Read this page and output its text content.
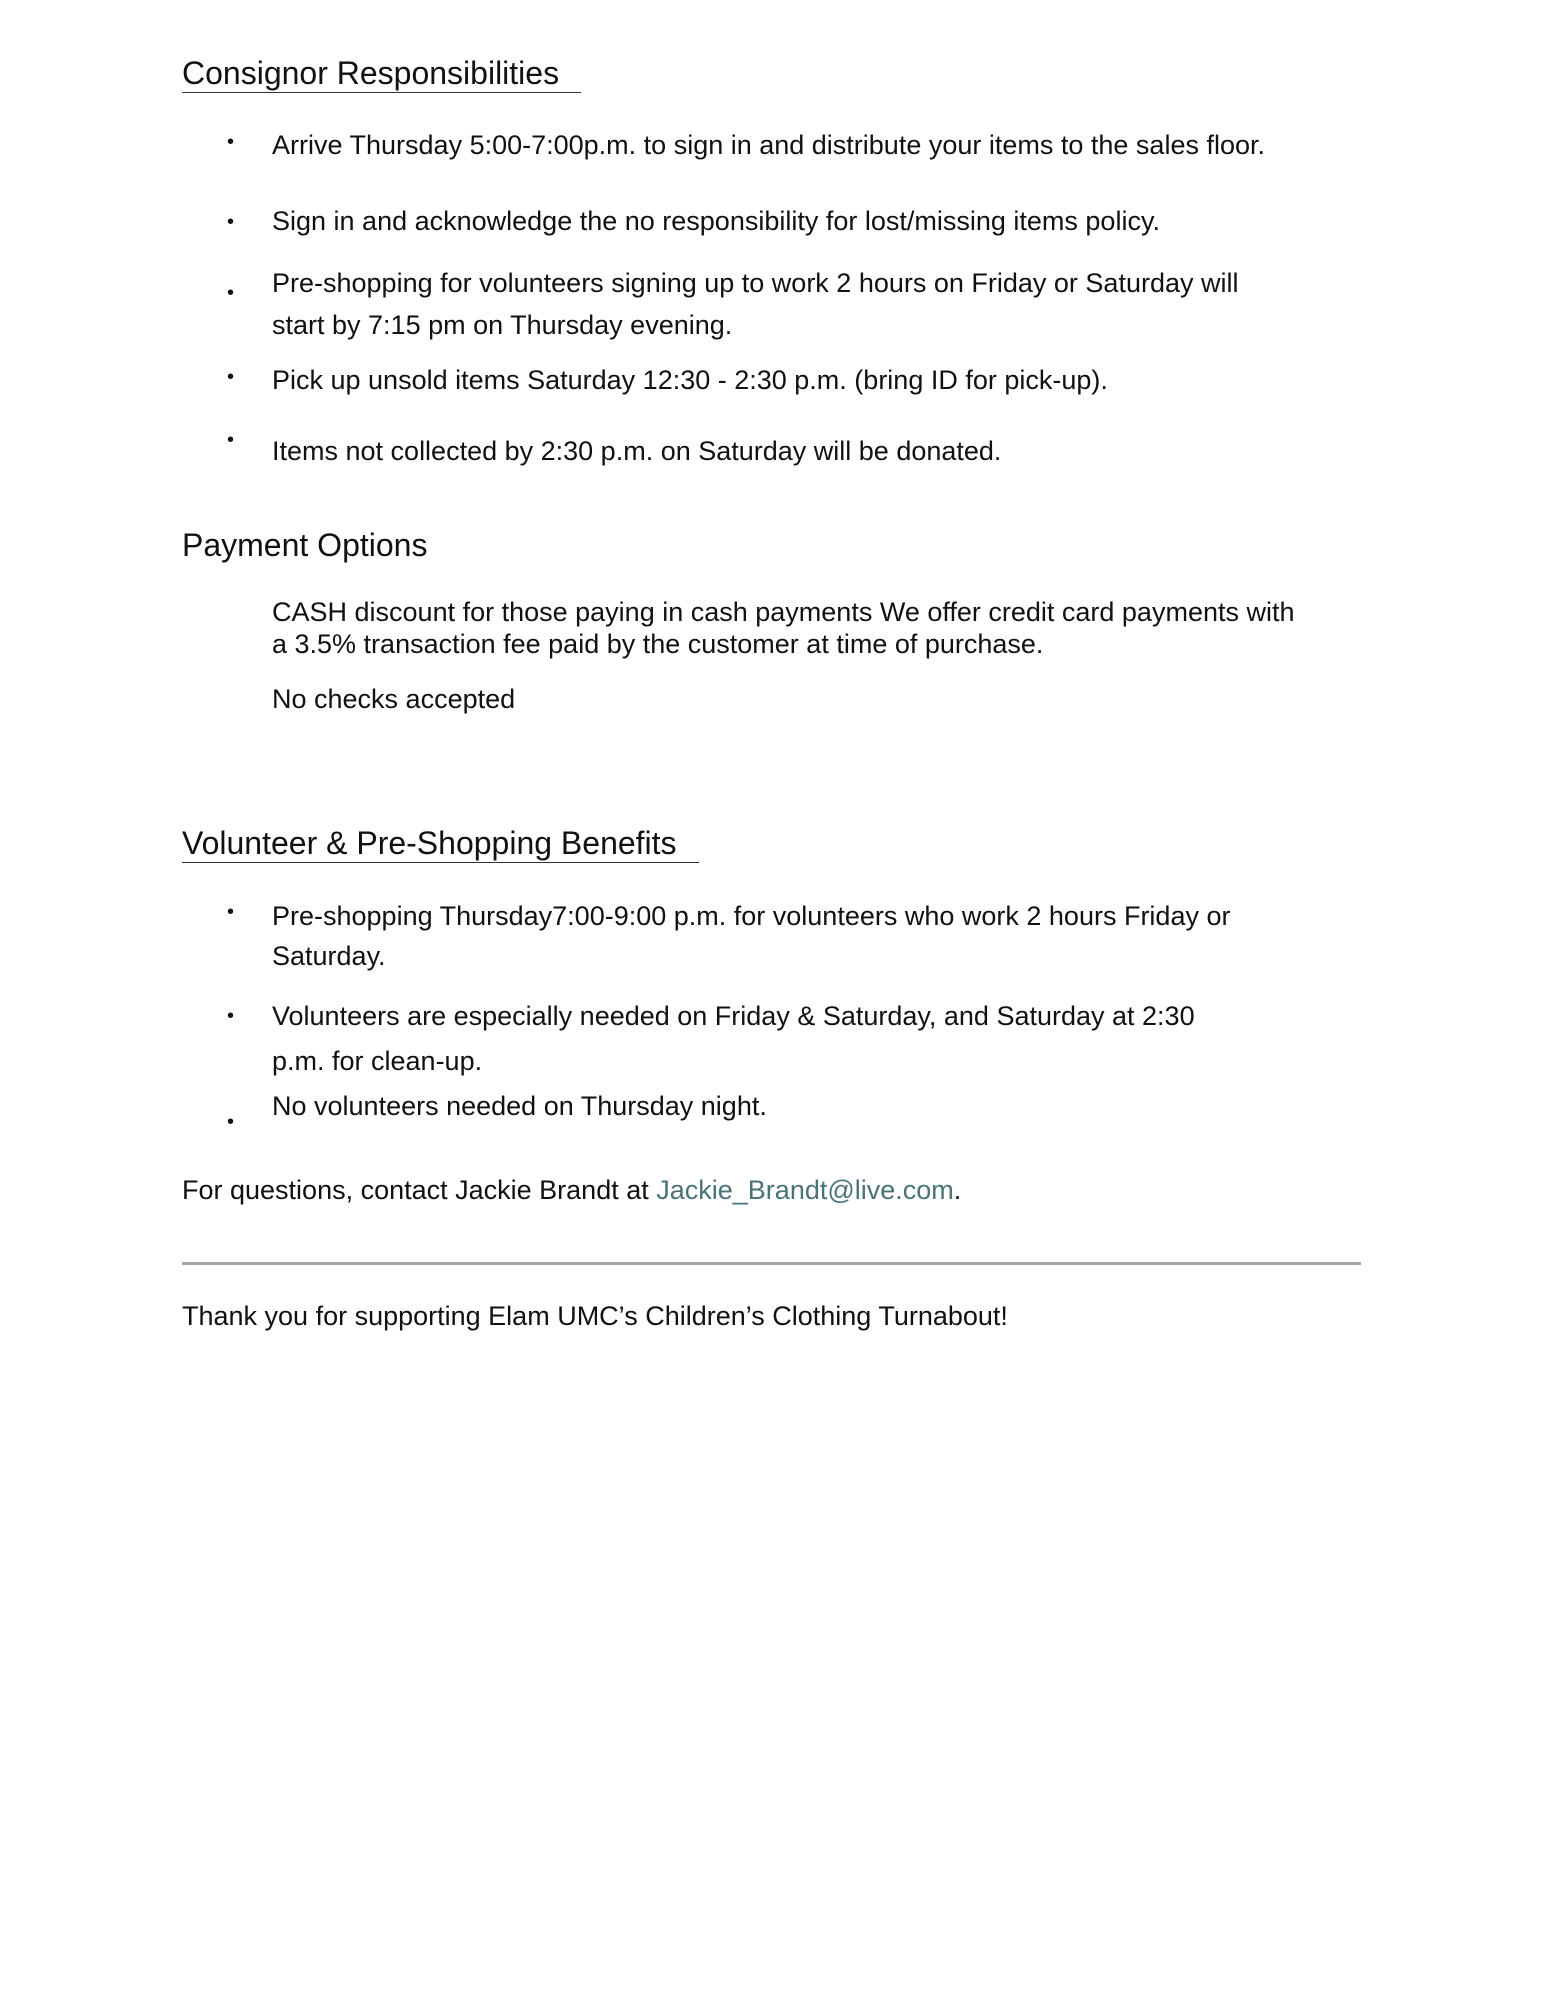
Consignor Responsibilities
• Arrive Thursday 5:00-7:00p.m. to sign in and distribute your items to the sales floor.

• Sign in and acknowledge the no responsibility for lost/missing items policy.

• Pre-shopping for volunteers signing up to work 2 hours on Friday or Saturday will

start by 7:15 pm on Thursday evening.

• Pick up unsold items Saturday 12:30 - 2:30 p.m. (bring ID for pick-up).

• Items not collected by 2:30 p.m. on Saturday will be donated.

Payment Options

CASH discount for those paying in cash payments We offer credit card payments with

a 3.5% transaction fee paid by the customer at time of purchase.

No checks accepted

Volunteer & Pre-Shopping Benefits
• Pre-shopping Thursday7:00-9:00 p.m. for volunteers who work 2 hours Friday or

Saturday.

• Volunteers are especially needed on Friday & Saturday, and Saturday at 2:30

p.m. for clean-up.

•

No volunteers needed on Thursday night.

For questions, contact Jackie Brandt at Jackie_Brandt@live.com.

Thank you for supporting Elam UMC’s Children’s Clothing Turnabout!
